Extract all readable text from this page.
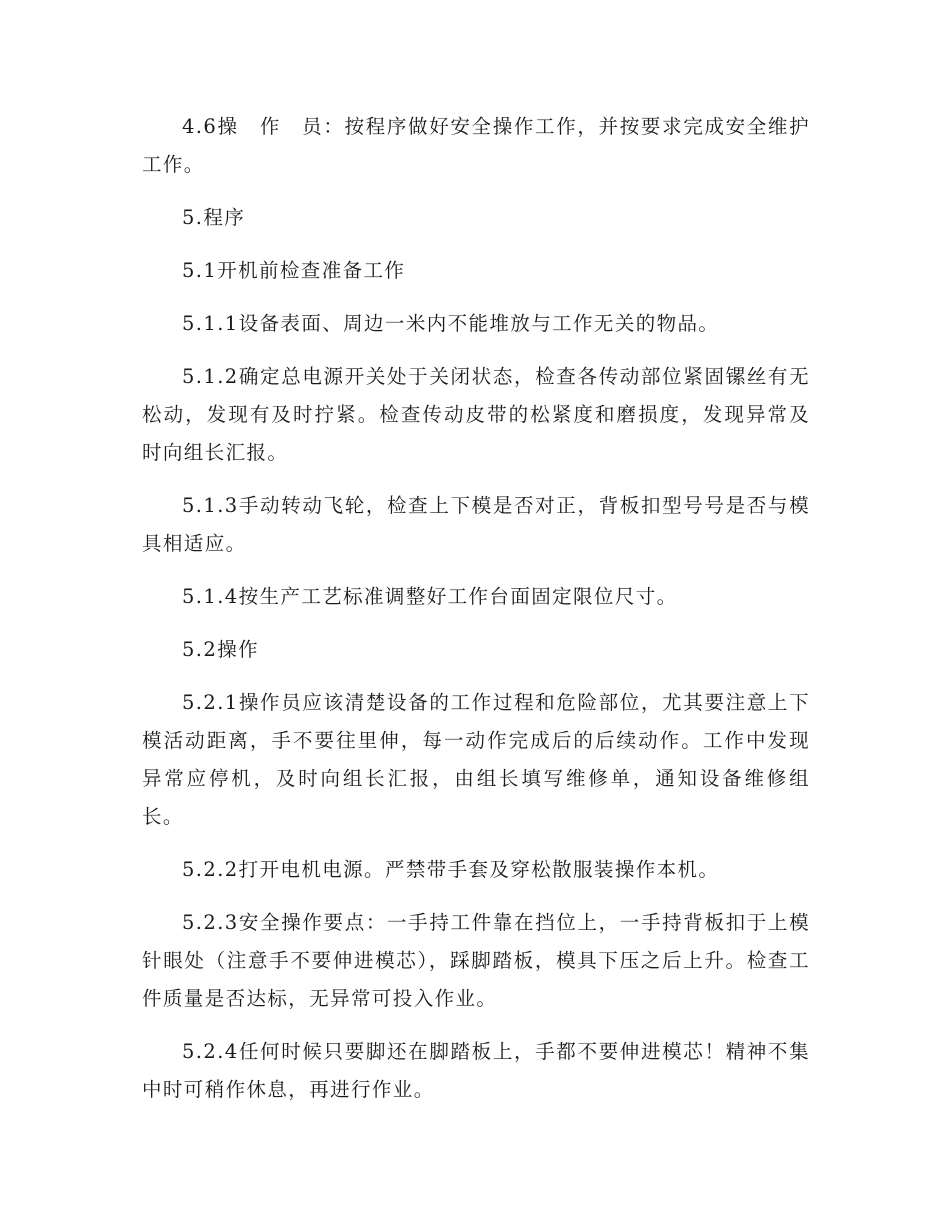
4.6操　作　员：按程序做好安全操作工作，并按要求完成安全维护工作。

5.程序

5.1开机前检查准备工作

5.1.1设备表面、周边一米内不能堆放与工作无关的物品。

5.1.2确定总电源开关处于关闭状态，检查各传动部位紧固镙丝有无松动，发现有及时拧紧。检查传动皮带的松紧度和磨损度，发现异常及时向组长汇报。

5.1.3手动转动飞轮，检查上下模是否对正，背板扣型号号是否与模具相适应。

5.1.4按生产工艺标准调整好工作台面固定限位尺寸。

5.2操作

5.2.1操作员应该清楚设备的工作过程和危险部位，尤其要注意上下模活动距离，手不要往里伸，每一动作完成后的后续动作。工作中发现异常应停机，及时向组长汇报，由组长填写维修单，通知设备维修组长。

5.2.2打开电机电源。严禁带手套及穿松散服装操作本机。

5.2.3安全操作要点：一手持工件靠在挡位上，一手持背板扣于上模针眼处（注意手不要伸进模芯），踩脚踏板，模具下压之后上升。检查工件质量是否达标，无异常可投入作业。

5.2.4任何时候只要脚还在脚踏板上，手都不要伸进模芯！精神不集中时可稍作休息，再进行作业。
